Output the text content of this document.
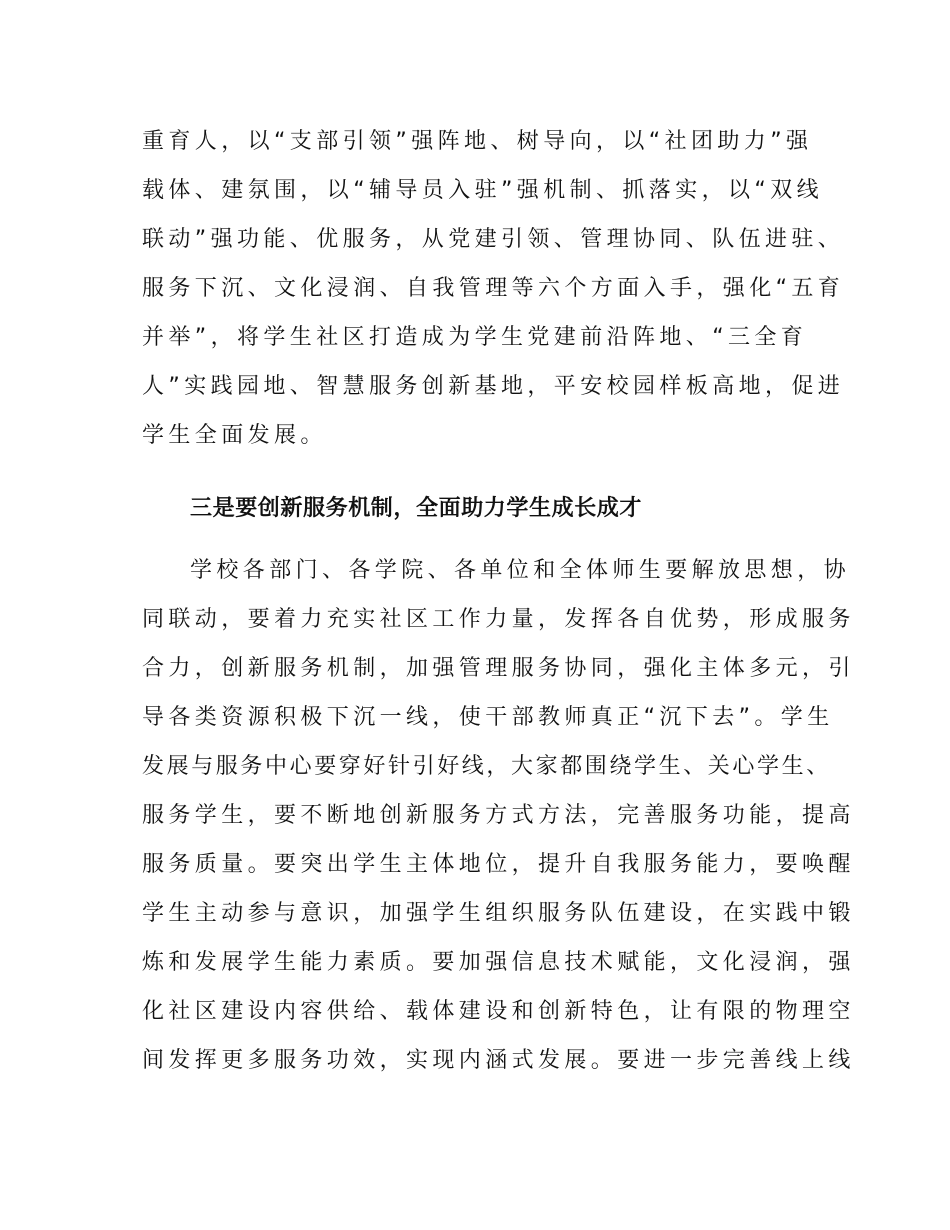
重育人，以“支部引领”强阵地、树导向，以“社团助力”强
载体、建氛围，以“辅导员入驻”强机制、抓落实，以“双线
联动”强功能、优服务，从党建引领、管理协同、队伍进驻、
服务下沉、文化浸润、自我管理等六个方面入手，强化“五育
并举”，将学生社区打造成为学生党建前沿阵地、“三全育
人”实践园地、智慧服务创新基地，平安校园样板高地，促进
学生全面发展。
三是要创新服务机制，全面助力学生成长成才
学校各部门、各学院、各单位和全体师生要解放思想，协
同联动，要着力充实社区工作力量，发挥各自优势，形成服务
合力，创新服务机制，加强管理服务协同，强化主体多元，引
导各类资源积极下沉一线，使干部教师真正“沉下去”。学生
发展与服务中心要穿好针引好线，大家都围绕学生、关心学生、
服务学生，要不断地创新服务方式方法，完善服务功能，提高
服务质量。要突出学生主体地位，提升自我服务能力，要唤醒
学生主动参与意识，加强学生组织服务队伍建设，在实践中锻
炼和发展学生能力素质。要加强信息技术赋能，文化浸润，强
化社区建设内容供给、载体建设和创新特色，让有限的物理空
间发挥更多服务功效，实现内涵式发展。要进一步完善线上线
